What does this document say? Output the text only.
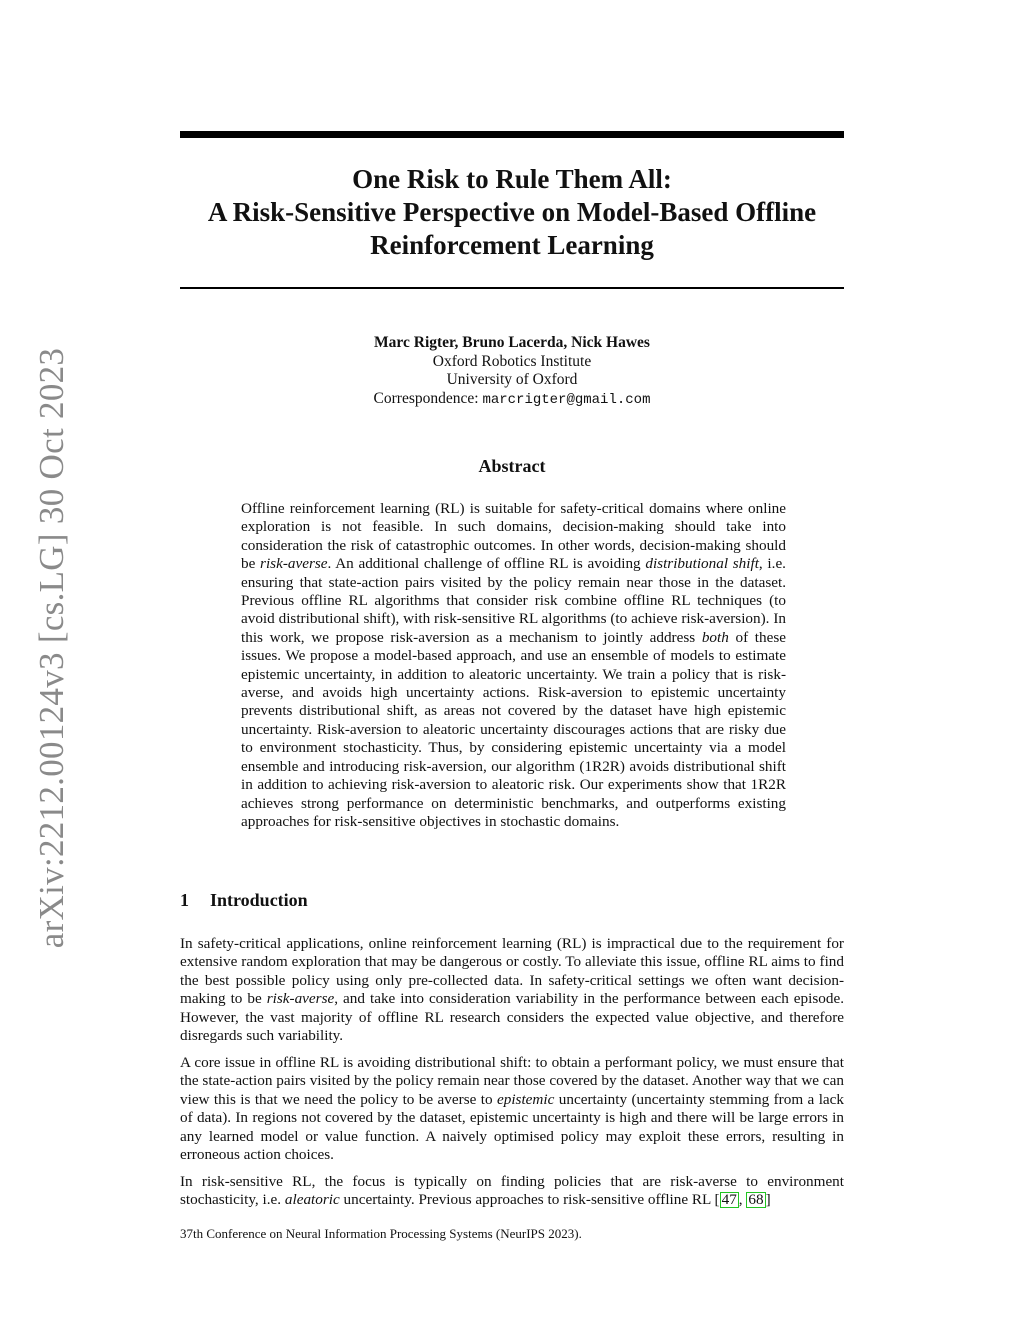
arXiv:2212.00124v3 [cs.LG] 30 Oct 2023
One Risk to Rule Them All:
A Risk-Sensitive Perspective on Model-Based Offline
Reinforcement Learning
Marc Rigter, Bruno Lacerda, Nick Hawes
Oxford Robotics Institute
University of Oxford
Correspondence: marcrigter@gmail.com
Abstract

Offline reinforcement learning (RL) is suitable for safety-critical domains where online exploration is not feasible. In such domains, decision-making should take into consideration the risk of catastrophic outcomes. In other words, decision-making should be risk-averse. An additional challenge of offline RL is avoiding distributional shift, i.e. ensuring that state-action pairs visited by the policy remain near those in the dataset. Previous offline RL algorithms that consider risk combine offline RL techniques (to avoid distributional shift), with risk-sensitive RL algorithms (to achieve risk-aversion). In this work, we propose risk-aversion as a mechanism to jointly address both of these issues. We propose a model-based approach, and use an ensemble of models to estimate epistemic uncertainty, in addition to aleatoric uncertainty. We train a policy that is risk-averse, and avoids high uncertainty actions. Risk-aversion to epistemic uncertainty prevents distributional shift, as areas not covered by the dataset have high epistemic uncertainty. Risk-aversion to aleatoric uncertainty discourages actions that are risky due to environment stochasticity. Thus, by considering epistemic uncertainty via a model ensemble and introducing risk-aversion, our algorithm (1R2R) avoids distributional shift in addition to achieving risk-aversion to aleatoric risk. Our experiments show that 1R2R achieves strong performance on deterministic benchmarks, and outperforms existing approaches for risk-sensitive objectives in stochastic domains.

1 Introduction

In safety-critical applications, online reinforcement learning (RL) is impractical due to the requirement for extensive random exploration that may be dangerous or costly. To alleviate this issue, offline RL aims to find the best possible policy using only pre-collected data. In safety-critical settings we often want decision-making to be risk-averse, and take into consideration variability in the performance between each episode. However, the vast majority of offline RL research considers the expected value objective, and therefore disregards such variability.

A core issue in offline RL is avoiding distributional shift: to obtain a performant policy, we must ensure that the state-action pairs visited by the policy remain near those covered by the dataset. Another way that we can view this is that we need the policy to be averse to epistemic uncertainty (uncertainty stemming from a lack of data). In regions not covered by the dataset, epistemic uncertainty is high and there will be large errors in any learned model or value function. A naively optimised policy may exploit these errors, resulting in erroneous action choices.

In risk-sensitive RL, the focus is typically on finding policies that are risk-averse to environment stochasticity, i.e. aleatoric uncertainty. Previous approaches to risk-sensitive offline RL [ 47 , 68 ]

37th Conference on Neural Information Processing Systems (NeurIPS 2023).
